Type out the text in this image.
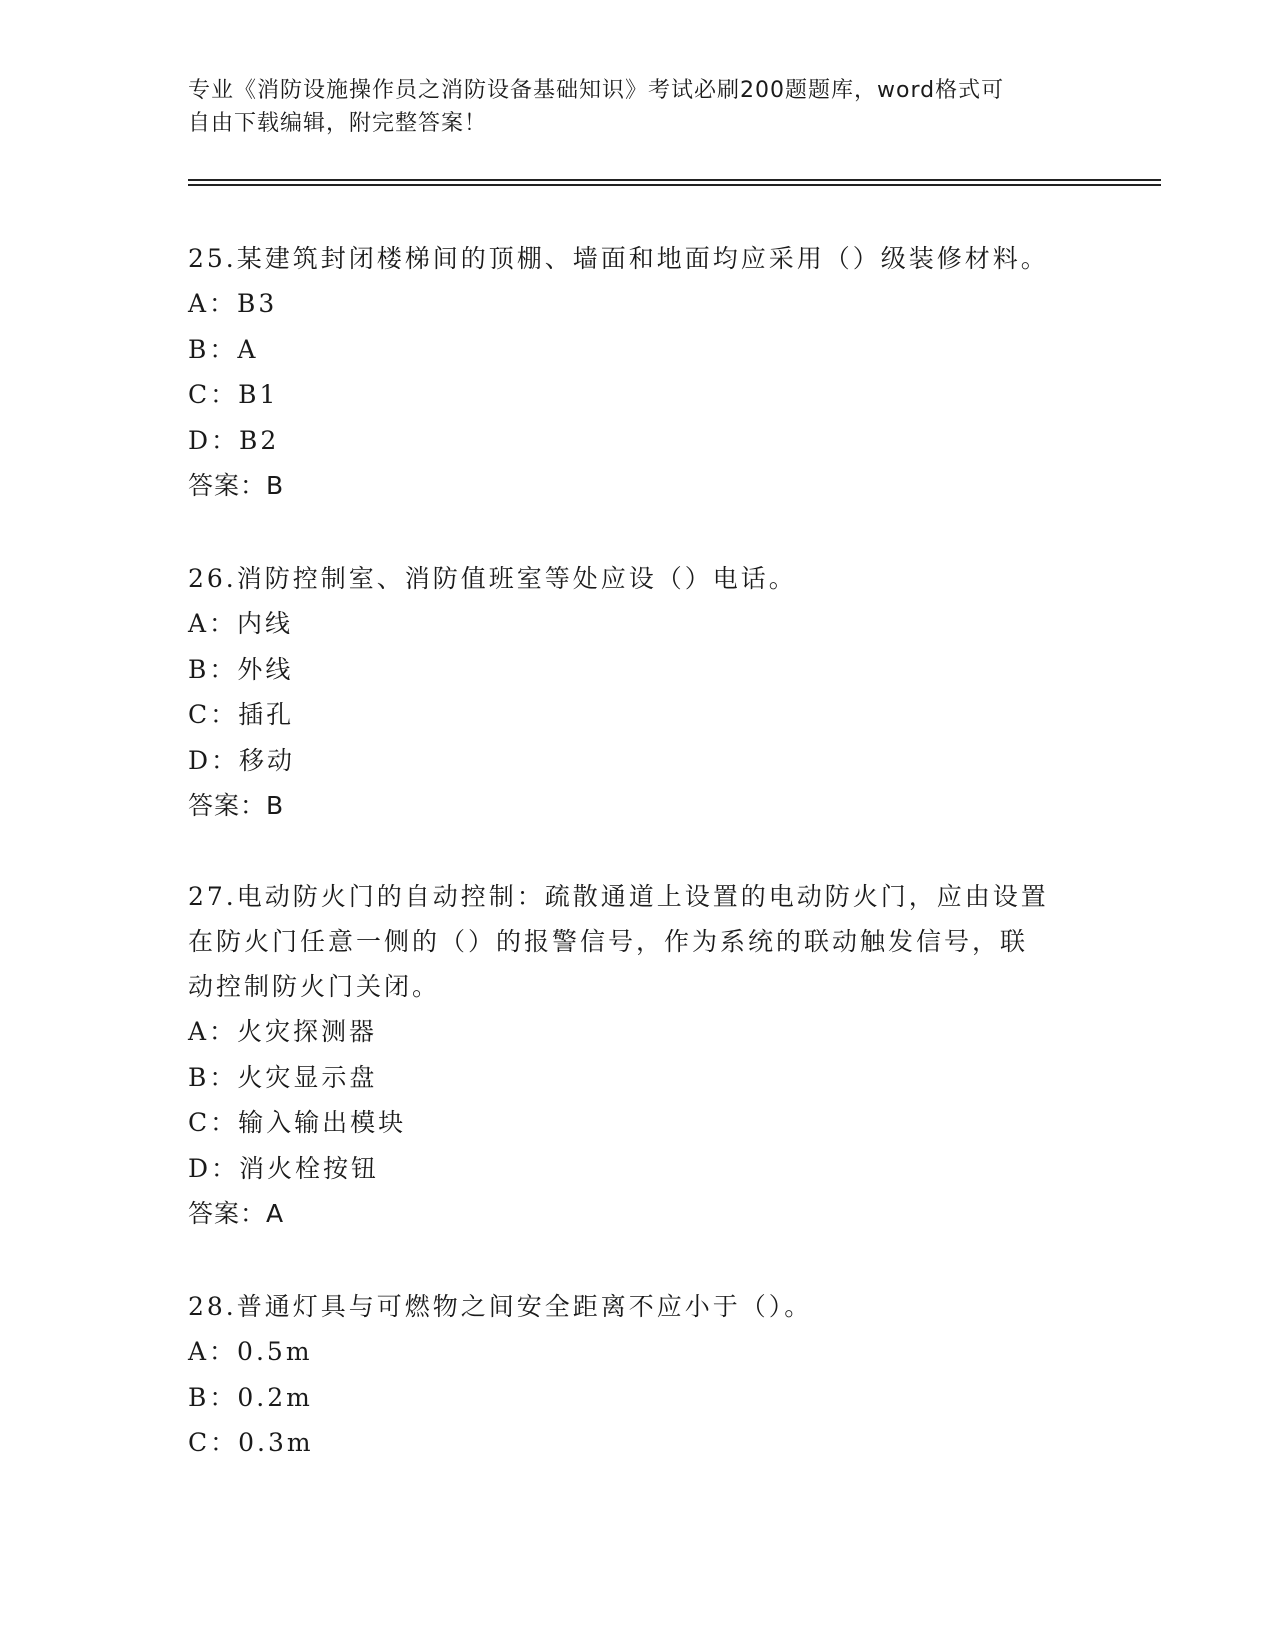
专业《消防设施操作员之消防设备基础知识》考试必刷200题题库，word格式可
自由下载编辑，附完整答案！
25.某建筑封闭楼梯间的顶棚、墙面和地面均应采用（）级装修材料。
A：B3
B：A
C：B1
D：B2
答案：B
26.消防控制室、消防值班室等处应设（）电话。
A：内线
B：外线
C：插孔
D：移动
答案：B
27.电动防火门的自动控制：疏散通道上设置的电动防火门，应由设置
在防火门任意一侧的（）的报警信号，作为系统的联动触发信号，联
动控制防火门关闭。
A：火灾探测器
B：火灾显示盘
C：输入输出模块
D：消火栓按钮
答案：A
28.普通灯具与可燃物之间安全距离不应小于（）。
A：0.5m
B：0.2m
C：0.3m
